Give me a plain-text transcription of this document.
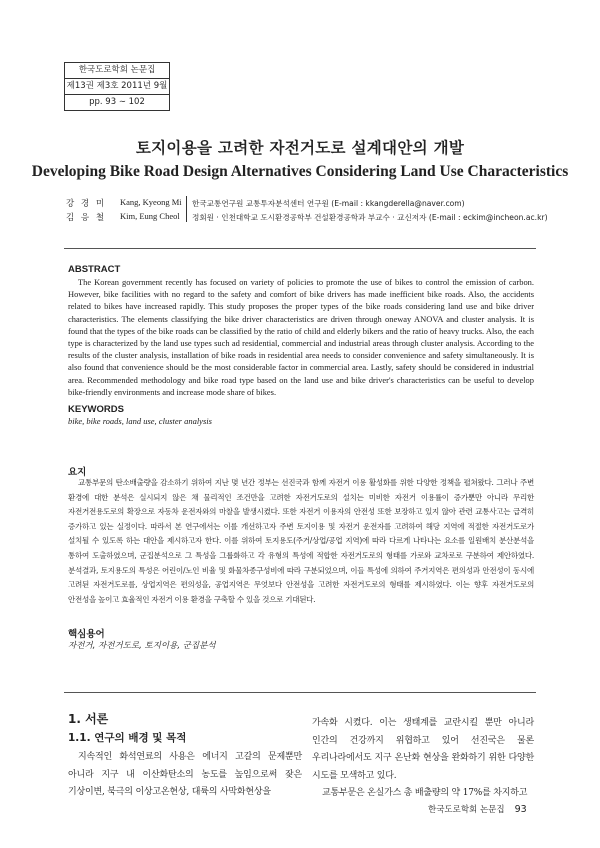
한국도로학회 논문집
제13권 제3호 2011년 9월
pp. 93 ∼ 102
토지이용을 고려한 자전거도로 설계대안의 개발
Developing Bike Road Design Alternatives Considering Land Use Characteristics
강 경 미 Kang, Kyeong Mi 한국교통연구원 교통투자분석센터 연구원 (E-mail : kkangderella@naver.com)
김 응 철 Kim, Eung Cheol 정회원 · 인천대학교 도시환경공학부 건설환경공학과 부교수 · 교신저자 (E-mail : eckim@incheon.ac.kr)
ABSTRACT
The Korean government recently has focused on variety of policies to promote the use of bikes to control the emission of carbon. However, bike facilities with no regard to the safety and comfort of bike drivers has made inefficient bike roads. Also, the accidents related to bikes have increased rapidly. This study proposes the proper types of the bike roads considering land use and bike driver characteristics. The elements classifying the bike driver characteristics are driven through oneway ANOVA and cluster analysis. It is found that the types of the bike roads can be classified by the ratio of child and elderly bikers and the ratio of heavy trucks. Also, the each type is characterized by the land use types such ad residential, commercial and industrial areas through cluster analysis. According to the results of the cluster analysis, installation of bike roads in residential area needs to consider convenience and safety simultaneously. It is also found that convenience should be the most considerable factor in commercial area. Lastly, safety should be considered in industrial area. Recommended methodology and bike road type based on the land use and bike driver's characteristics can be useful to develop bike-friendly environments and increase mode share of bikes.
KEYWORDS
bike, bike roads, land use, cluster analysis
요지
교통부문의 탄소배출량을 감소하기 위하여 지난 몇 년간 정부는 선진국과 함께 자전거 이용 활성화를 위한 다양한 정책을 펼쳐왔다. 그러나 주변 환경에 대한 분석은 실시되지 않은 채 물리적인 조건만을 고려한 자전거도로의 설치는 미비한 자전거 이용률이 증가뿐만 아니라 무리한 자전거전용도로의 확장으로 자동차 운전자와의 마찰을 발생시켰다. 또한 자전거 이용자의 안전성 또한 보장하고 있지 않아 관련 교통사고는 급격히 증가하고 있는 실정이다. 따라서 본 연구에서는 이를 개선하고자 주변 토지이용 및 자전거 운전자를 고려하여 해당 지역에 적절한 자전거도로가 설치될 수 있도록 하는 대안을 제시하고자 한다. 이를 위하여 토지용도(주거/상업/공업 지역)에 따라 다르게 나타나는 요소를 일원배치 분산분석을 통하여 도출하였으며, 군집분석으로 그 특성을 그룹화하고 각 유형의 특성에 적합한 자전거도로의 형태를 가로와 교차로로 구분하여 제안하였다. 분석결과, 토지용도의 특성은 어린이/노인 비율 및 화물차종구성비에 따라 구분되었으며, 이들 특성에 의하여 주거지역은 편의성과 안전성이 동시에 고려된 자전거도로를, 상업지역은 편의성을, 공업지역은 무엇보다 안전성을 고려한 자전거도로의 형태를 제시하였다. 이는 향후 자전거도로의 안전성을 높이고 효율적인 자전거 이용 환경을 구축할 수 있을 것으로 기대된다.
핵심용어
자전거, 자전거도로, 토지이용, 군집분석
1. 서론
1.1. 연구의 배경 및 목적
지속적인 화석연료의 사용은 에너지 고갈의 문제뿐만 아니라 지구 내 이산화탄소의 농도를 높임으로써 잦은 기상이변, 북극의 이상고온현상, 대륙의 사막화현상을
가속화 시켰다. 이는 생태계를 교란시킬 뿐만 아니라 인간의 건강까지 위협하고 있어 선진국은 물론 우리나라에서도 지구 온난화 현상을 완화하기 위한 다양한 시도를 모색하고 있다.
교통부문은 온실가스 총 배출량의 약 17%를 차지하고
한국도로학회 논문집 93
